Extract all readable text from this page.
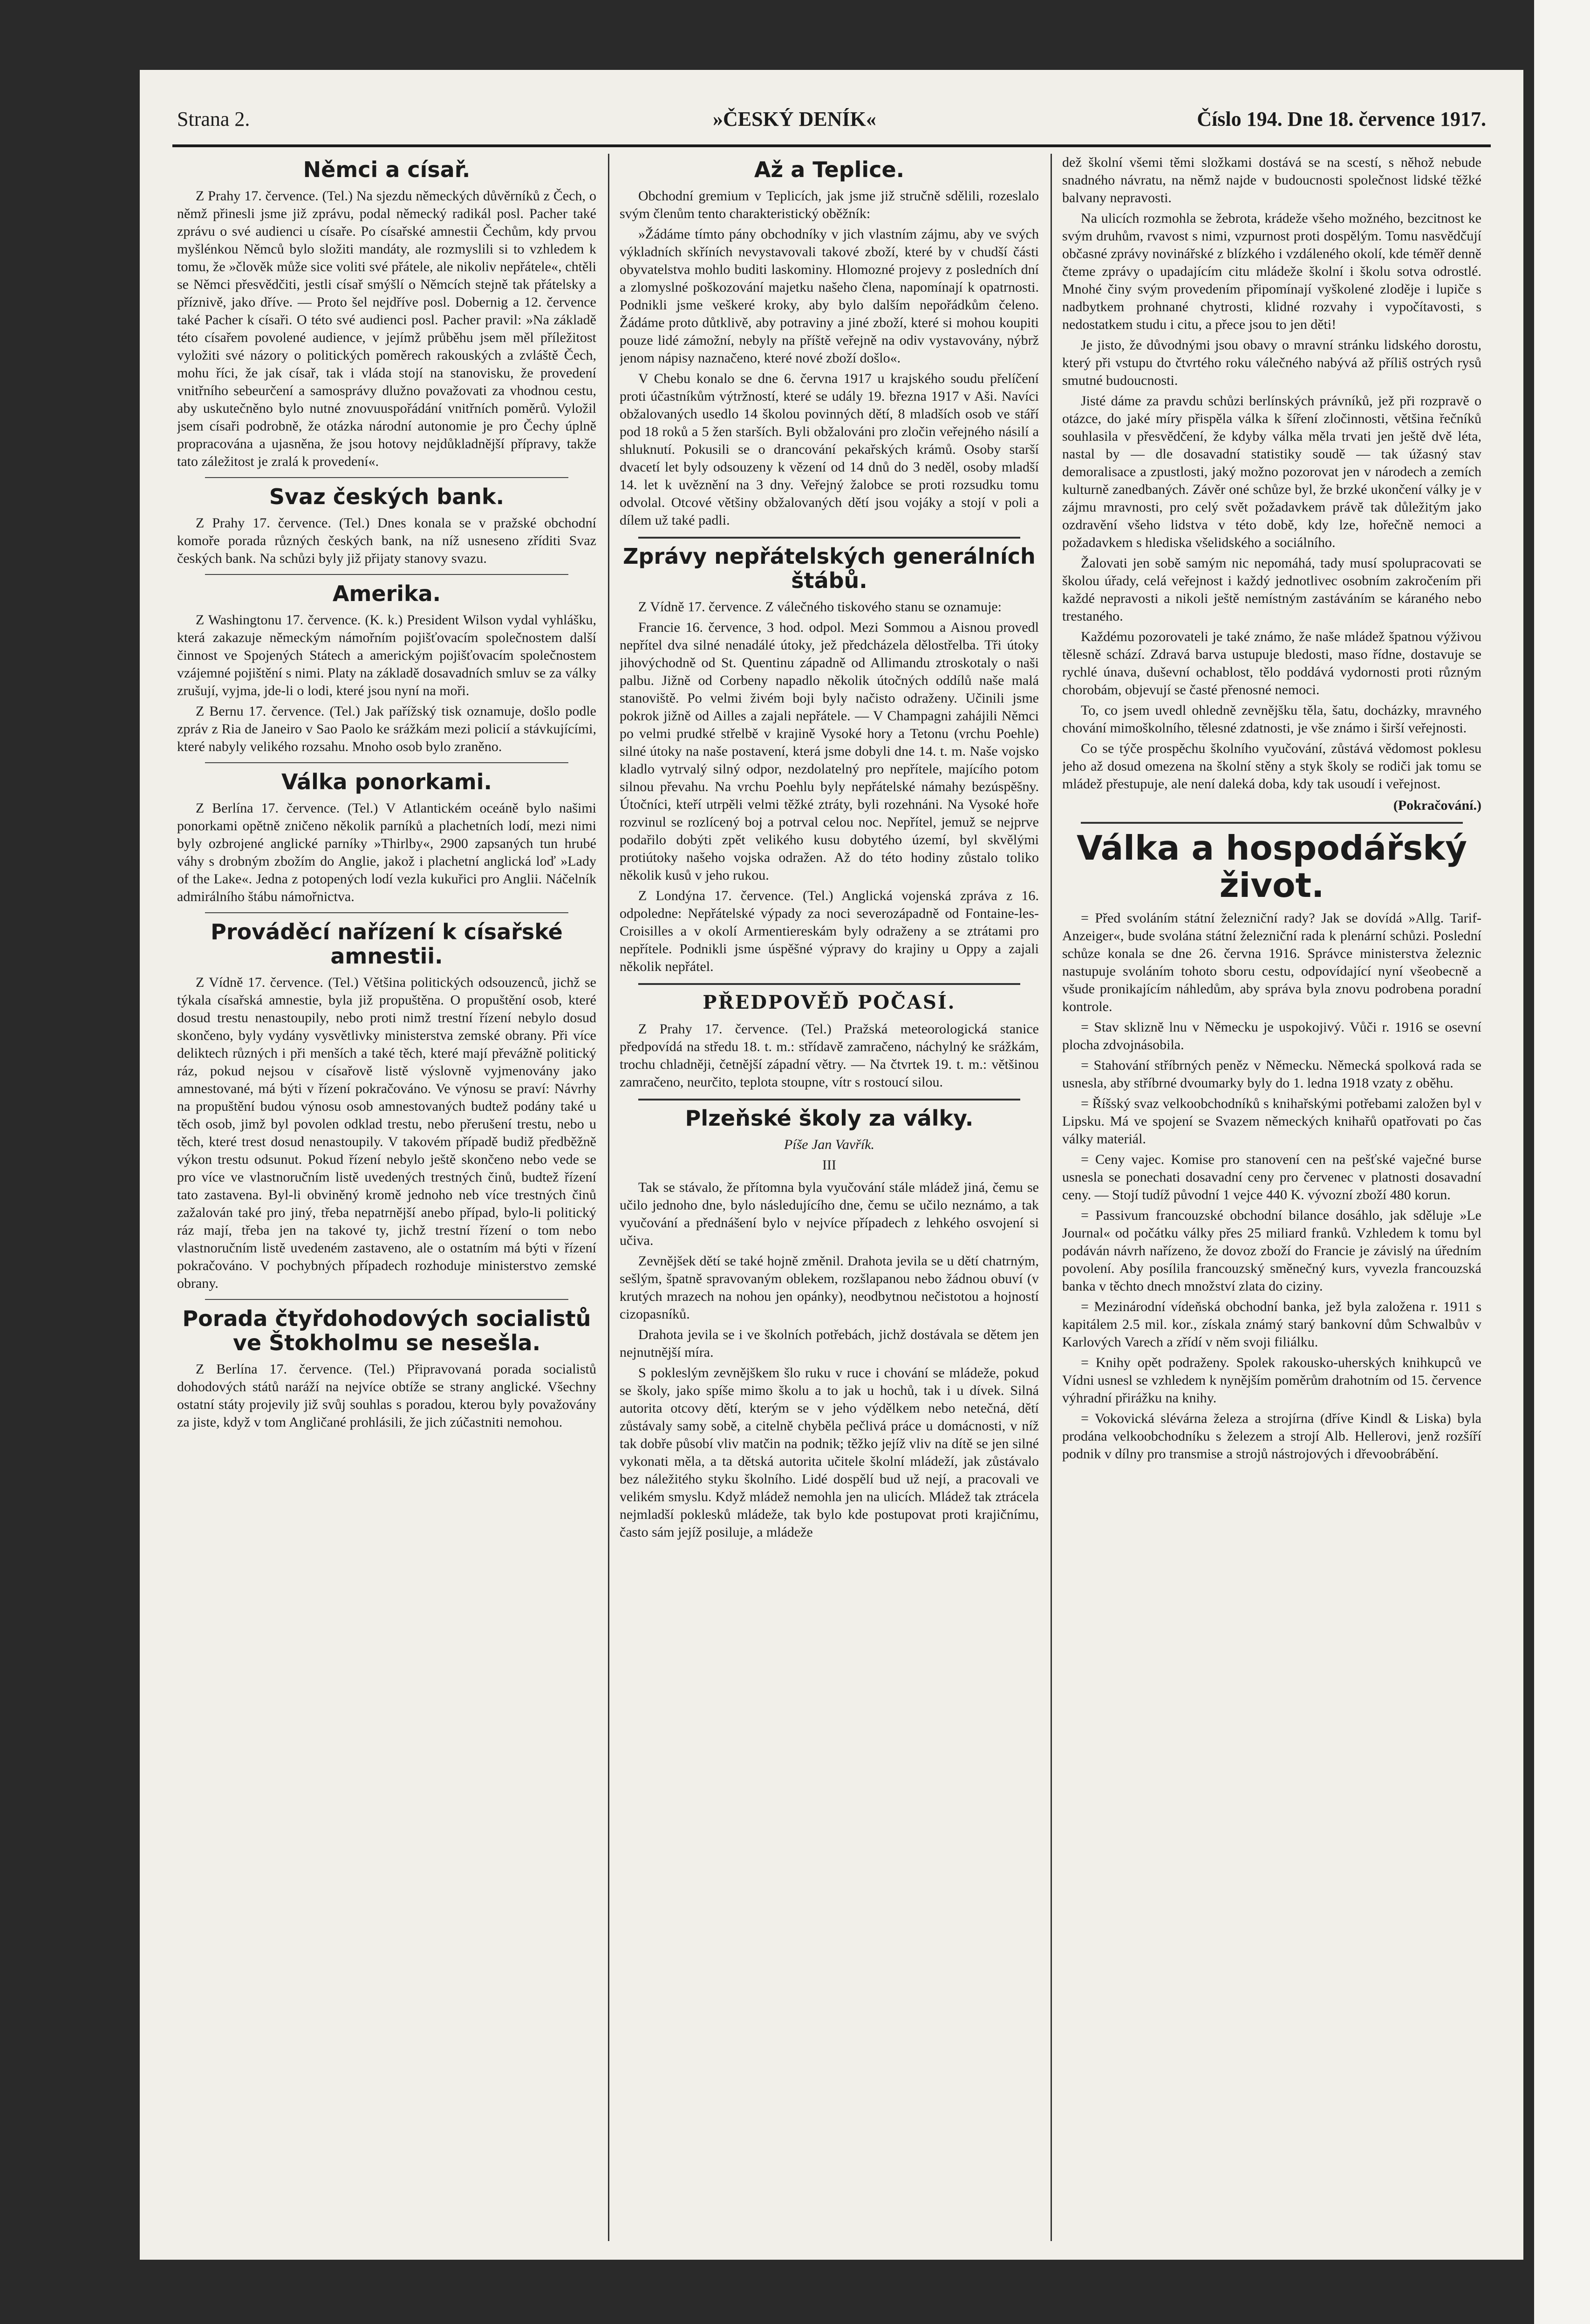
Strana 2.	»ČESKÝ DENÍK«	Číslo 194. Dne 18. července 1917.
Němci a císař.

Z Prahy 17. července. (Tel.) Na sjezdu německých důvěrníků z Čech, o němž přinesli jsme již zprávu, podal německý radikál posl. Pacher také zprávu o své audienci u císaře. Po císařské amnestii Čechům, kdy prvou myšlénkou Němců bylo složiti mandáty, ale rozmyslili si to vzhledem k tomu, že »člověk může sice voliti své přátele, ale nikoliv nepřátele«, chtěli se Němci přesvědčiti, jestli císař smýšlí o Němcích stejně tak přátelsky a příznivě, jako dříve. — Proto šel nejdříve posl. Dobernig a 12. července také Pacher k císaři. O této své audienci posl. Pacher pravil: »Na základě této císařem povolené audience, v jejímž průběhu jsem měl příležitost vyložiti své názory o politických poměrech rakouských a zvláště Čech, mohu říci, že jak císař, tak i vláda stojí na stanovisku, že provedení vnitřního sebeurčení a samosprávy dlužno považovati za vhodnou cestu, aby uskutečněno bylo nutné znovuuspořádání vnitřních poměrů. Vyložil jsem císaři podrobně, že otázka národní autonomie je pro Čechy úplně propracována a ujasněna, že jsou hotovy nejdůkladnější přípravy, takže tato záležitost je zralá k provedení«.

Svaz českých bank.

Z Prahy 17. července. (Tel.) Dnes konala se v pražské obchodní komoře porada různých českých bank, na níž usneseno zříditi Svaz českých bank. Na schůzi byly již přijaty stanovy svazu.

Amerika.

Z Washingtonu 17. července. (K. k.) President Wilson vydal vyhlášku, která zakazuje německým námořním pojišťovacím společnostem další činnost ve Spojených Státech a americkým pojišťovacím společnostem vzájemné pojištění s nimi. Platy na základě dosavadních smluv se za války zrušují, vyjma, jde-li o lodi, které jsou nyní na moři.

Z Bernu 17. července. (Tel.) Jak pařížský tisk oznamuje, došlo podle zpráv z Ria de Janeiro v Sao Paolo ke srážkám mezi policií a stávkujícími, které nabyly velikého rozsahu. Mnoho osob bylo zraněno.

Válka ponorkami.

Z Berlína 17. července. (Tel.) V Atlantickém oceáně bylo našimi ponorkami opětně zničeno několik parníků a plachetních lodí, mezi nimi byly ozbrojené anglické parníky »Thirlby«, 2900 zapsaných tun hrubé váhy s drobným zbožím do Anglie, jakož i plachetní anglická loď »Lady of the Lake«. Jedna z potopených lodí vezla kukuřici pro Anglii. Náčelník admirálního štábu námořnictva.

Prováděcí nařízení k císařské amnestii.

Z Vídně 17. července. (Tel.) Většina politických odsouzenců, jichž se týkala císařská amnestie, byla již propuštěna. O propuštění osob, které dosud trestu nenastoupily, nebo proti nimž trestní řízení nebylo dosud skončeno, byly vydány vysvětlivky ministerstva zemské obrany. Při více deliktech různých i při menších a také těch, které mají převážně politický ráz, pokud nejsou v císařově listě výslovně vyjmenovány jako amnestované, má býti v řízení pokračováno. Ve výnosu se praví: Návrhy na propuštění budou výnosu osob amnestovaných budtež podány také u těch osob, jimž byl povolen odklad trestu, nebo přerušení trestu, nebo u těch, které trest dosud nenastoupily. V takovém případě budiž předběžně výkon trestu odsunut. Pokud řízení nebylo ještě skončeno nebo vede se pro více ve vlastnoručním listě uvedených trestných činů, budtež řízení tato zastavena. Byl-li obviněný kromě jednoho neb více trestných činů zažalován také pro jiný, třeba nepatrnější anebo případ, bylo-li politický ráz mají, třeba jen na takové ty, jichž trestní řízení o tom nebo vlastnoručním listě uvedeném zastaveno, ale o ostatním má býti v řízení pokračováno. V pochybných případech rozhoduje ministerstvo zemské obrany.

Porada čtyřdohodových socialistů ve Štokholmu se nesešla.

Z Berlína 17. července. (Tel.) Připravovaná porada socialistů dohodových států naráží na nejvíce obtíže se strany anglické. Všechny ostatní státy projevily již svůj souhlas s poradou, kterou byly považovány za jiste, když v tom Angličané prohlásili, že jich zúčastniti nemohou.

Až a Teplice.

Obchodní gremium v Teplicích, jak jsme již stručně sdělili, rozeslalo svým členům tento charakteristický oběžník:

»Žádáme tímto pány obchodníky v jich vlastním zájmu, aby ve svých výkladních skříních nevystavovali takové zboží, které by v chudší části obyvatelstva mohlo buditi laskominy. Hlomozné projevy z posledních dní a zlomyslné poškozování majetku našeho člena, napomínají k opatrnosti. Podnikli jsme veškeré kroky, aby bylo dalším nepořádkům čeleno. Žádáme proto důtklivě, aby potraviny a jiné zboží, které si mohou koupiti pouze lidé zámožní, nebyly na příště veřejně na odiv vystavovány, nýbrž jenom nápisy naznačeno, které nové zboží došlo«.

V Chebu konalo se dne 6. června 1917 u krajského soudu přelíčení proti účastníkům výtržností, které se udály 19. března 1917 v Aši. Navíci obžalovaných usedlo 14 školou povinných dětí, 8 mladších osob ve stáří pod 18 roků a 5 žen starších. Byli obžalováni pro zločin veřejného násilí a shluknutí. Pokusili se o drancování pekařských krámů. Osoby starší dvacetí let byly odsouzeny k vězení od 14 dnů do 3 neděl, osoby mladší 14. let k uvěznění na 3 dny. Veřejný žalobce se proti rozsudku tomu odvolal. Otcové většiny obžalovaných dětí jsou vojáky a stojí v poli a dílem už také padli.

Zprávy nepřátelských generálních štábů.

Z Vídně 17. července. Z válečného tiskového stanu se oznamuje:

Francie 16. července, 3 hod. odpol. Mezi Sommou a Aisnou provedl nepřítel dva silné nenadálé útoky, jež předcházela dělostřelba. Tři útoky jihovýchodně od St. Quentinu západně od Allimandu ztroskotaly o naši palbu. Jižně od Corbeny napadlo několik útočných oddílů naše malá stanoviště. Po velmi živém boji byly načisto odraženy. Učinili jsme pokrok jižně od Ailles a zajali nepřátele. — V Champagni zahájili Němci po velmi prudké střelbě v krajině Vysoké hory a Tetonu (vrchu Poehle) silné útoky na naše postavení, která jsme dobyli dne 14. t. m. Naše vojsko kladlo vytrvalý silný odpor, nezdolatelný pro nepřítele, majícího potom silnou převahu. Na vrchu Poehlu byly nepřátelské námahy bezúspěšny. Útočníci, kteří utrpěli velmi těžké ztráty, byli rozehnáni. Na Vysoké hoře rozvinul se rozlícený boj a potrval celou noc. Nepřítel, jemuž se nejprve podařilo dobýti zpět velikého kusu dobytého území, byl skvělými protiútoky našeho vojska odražen. Až do této hodiny zůstalo toliko několik kusů v jeho rukou.

Z Londýna 17. července. (Tel.) Anglická vojenská zpráva z 16. odpoledne: Nepřátelské výpady za noci severozápadně od Fontaine-les-Croisilles a v okolí Armentiereskám byly odraženy a se ztrátami pro nepřítele. Podnikli jsme úspěšné výpravy do krajiny u Oppy a zajali několik nepřátel.

PŘEDPOVĚĎ POČASÍ.

Z Prahy 17. července. (Tel.) Pražská meteorologická stanice předpovídá na středu 18. t. m.: střídavě zamračeno, náchylný ke srážkám, trochu chladněji, četnější západní větry. — Na čtvrtek 19. t. m.: většinou zamračeno, neurčito, teplota stoupne, vítr s rostoucí silou.

Plzeňské školy za války.
Píše Jan Vavřík.
III

Tak se stávalo, že přítomna byla vyučování stále mládež jiná, čemu se učilo jednoho dne, bylo následujícího dne, čemu se učilo neznámo, a tak vyučování a přednášení bylo v nejvíce případech z lehkého osvojení si učiva.

Zevnějšek dětí se také hojně změnil. Drahota jevila se u dětí chatrným, sešlým, špatně spravovaným oblekem, rozšlapanou nebo žádnou obuví (v krutých mrazech na nohou jen opánky), neodbytnou nečistotou a hojností cizopasníků.

Drahota jevila se i ve školních potřebách, jichž dostávala se dětem jen nejnutnější míra.

S pokleslým zevnějškem šlo ruku v ruce i chování se mládeže, pokud se školy, jako spíše mimo školu a to jak u hochů, tak i u dívek. Silná autorita otcovy dětí, kterým se v jeho výdělkem nebo netečná, dětí zůstávaly samy sobě, a citelně chyběla pečlivá práce u domácnosti, v níž tak dobře působí vliv matčin na podnik; těžko jejíž vliv na dítě se jen silné vykonati měla, a ta dětská autorita učitele školní mládeží, jak zůstávalo bez náležitého styku školního. Lidé dospělí bud už nejí, a pracovali ve velikém smyslu. Když mládež nemohla jen na ulicích. Mládež tak ztrácela nejmladší poklesků mládeže, tak bylo kde postupovat proti krajičnímu, často sám jejíž posiluje, a mládeže

dež školní všemi těmi složkami dostává se na scestí, s něhož nebude snadného návratu, na němž najde v budoucnosti společnost lidské těžké balvany nepravosti.

Na ulicích rozmohla se žebrota, krádeže všeho možného, bezcitnost ke svým druhům, rvavost s nimi, vzpurnost proti dospělým. Tomu nasvědčují občasné zprávy novinářské z blízkého i vzdáleného okolí, kde téměř denně čteme zprávy o upadajícím citu mládeže školní i školu sotva odrostlé. Mnohé činy svým provedením připomínají vyškolené zloděje i lupiče s nadbytkem prohnané chytrosti, klidné rozvahy i vypočítavosti, s nedostatkem studu i citu, a přece jsou to jen děti!

Je jisto, že důvodnými jsou obavy o mravní stránku lidského dorostu, který při vstupu do čtvrtého roku válečného nabývá až příliš ostrých rysů smutné budoucnosti.

Jisté dáme za pravdu schůzi berlínských právníků, jež při rozpravě o otázce, do jaké míry přispěla válka k šíření zločinnosti, většina řečníků souhlasila v přesvědčení, že kdyby válka měla trvati jen ještě dvě léta, nastal by — dle dosavadní statistiky soudě — tak úžasný stav demoralisace a zpustlosti, jaký možno pozorovat jen v národech a zemích kulturně zanedbaných. Závěr oné schůze byl, že brzké ukončení války je v zájmu mravnosti, pro celý svět požadavkem právě tak důležitým jako ozdravění všeho lidstva v této době, kdy lze, hořečně nemoci a požadavkem s hlediska všelidského a sociálního.

Žalovati jen sobě samým nic nepomáhá, tady musí spolupracovati se školou úřady, celá veřejnost i každý jednotlivec osobním zakročením při každé nepravosti a nikoli ještě nemístným zastáváním se káraného nebo trestaného.

Každému pozorovateli je také známo, že naše mládež špatnou výživou tělesně schází. Zdravá barva ustupuje bledosti, maso řídne, dostavuje se rychlé únava, duševní ochablost, tělo poddává vydornosti proti různým chorobám, objevují se časté přenosné nemoci.

To, co jsem uvedl ohledně zevnějšku těla, šatu, docházky, mravného chování mimoškolního, tělesné zdatnosti, je vše známo i širší veřejnosti.

Co se týče prospěchu školního vyučování, zůstává vědomost poklesu jeho až dosud omezena na školní stěny a styk školy se rodiči jak tomu se mládež přestupuje, ale není daleká doba, kdy tak usoudí i veřejnost.

(Pokračování.)
Válka a hospodářský život.

= Před svoláním státní železniční rady? Jak se dovídá »Allg. Tarif-Anzeiger«, bude svolána státní železniční rada k plenární schůzi. Poslední schůze konala se dne 26. června 1916. Správce ministerstva železnic nastupuje svoláním tohoto sboru cestu, odpovídající nyní všeobecně a všude pronikajícím náhledům, aby správa byla znovu podrobena poradní kontrole.

= Stav sklizně lnu v Německu je uspokojivý. Vůči r. 1916 se osevní plocha zdvojnásobila.

= Stahování stříbrných peněz v Německu. Německá spolková rada se usnesla, aby stříbrné dvoumarky byly do 1. ledna 1918 vzaty z oběhu.

= Říšský svaz velkoobchodníků s knihařskými potřebami založen byl v Lipsku. Má ve spojení se Svazem německých knihařů opatřovati po čas války materiál.

= Ceny vajec. Komise pro stanovení cen na pešťské vaječné burse usnesla se ponechati dosavadní ceny pro červenec v platnosti dosavadní ceny. — Stojí tudíž původní 1 vejce 440 K. vývozní zboží 480 korun.

= Passivum francouzské obchodní bilance dosáhlo, jak sděluje »Le Journal« od počátku války přes 25 miliard franků. Vzhledem k tomu byl podáván návrh nařízeno, že dovoz zboží do Francie je závislý na úředním povolení. Aby posílila francouzský směnečný kurs, vyvezla francouzská banka v těchto dnech množství zlata do ciziny.

= Mezinárodní vídeňská obchodní banka, jež byla založena r. 1911 s kapitálem 2.5 mil. kor., získala známý starý bankovní dům Schwalbův v Karlových Varech a zřídí v něm svoji filiálku.

= Knihy opět podraženy. Spolek rakousko-uherských knihkupců ve Vídni usnesl se vzhledem k nynějším poměrům drahotním od 15. července výhradní přirážku na knihy.

= Vokovická slévárna železa a strojírna (dříve Kindl & Liska) byla prodána velkoobchodníku s železem a strojí Alb. Hellerovi, jenž rozšíří podnik v dílny pro transmise a strojů nástrojových i dřevoobrábění.
